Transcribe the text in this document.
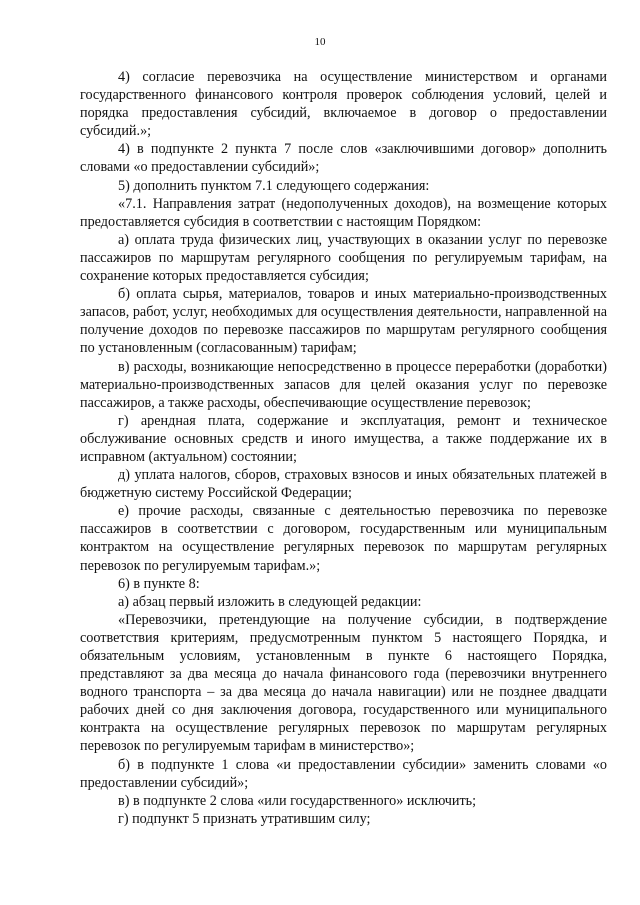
10

4) согласие перевозчика на осуществление министерством и органами государственного финансового контроля проверок соблюдения условий, целей и порядка предоставления субсидий, включаемое в договор о предоставлении субсидий.»;

4) в подпункте 2 пункта 7 после слов «заключившими договор» дополнить словами «о предоставлении субсидий»;

5) дополнить пунктом 7.1 следующего содержания:

«7.1. Направления затрат (недополученных доходов), на возмещение которых предоставляется субсидия в соответствии с настоящим Порядком:

а) оплата труда физических лиц, участвующих в оказании услуг по перевозке пассажиров по маршрутам регулярного сообщения по регулируемым тарифам, на сохранение которых предоставляется субсидия;

б) оплата сырья, материалов, товаров и иных материально-производственных запасов, работ, услуг, необходимых для осуществления деятельности, направленной на получение доходов по перевозке пассажиров по маршрутам регулярного сообщения по установленным (согласованным) тарифам;

в) расходы, возникающие непосредственно в процессе переработки (доработки) материально-производственных запасов для целей оказания услуг по перевозке пассажиров, а также расходы, обеспечивающие осуществление перевозок;

г) арендная плата, содержание и эксплуатация, ремонт и техническое обслуживание основных средств и иного имущества, а также поддержание их в исправном (актуальном) состоянии;

д) уплата налогов, сборов, страховых взносов и иных обязательных платежей в бюджетную систему Российской Федерации;

е) прочие расходы, связанные с деятельностью перевозчика по перевозке пассажиров в соответствии с договором, государственным или муниципальным контрактом на осуществление регулярных перевозок по маршрутам регулярных перевозок по регулируемым тарифам.»;

6) в пункте 8:

а) абзац первый изложить в следующей редакции:

«Перевозчики, претендующие на получение субсидии, в подтверждение соответствия критериям, предусмотренным пунктом 5 настоящего Порядка, и обязательным условиям, установленным в пункте 6 настоящего Порядка, представляют за два месяца до начала финансового года (перевозчики внутреннего водного транспорта – за два месяца до начала навигации) или не позднее двадцати рабочих дней со дня заключения договора, государственного или муниципального контракта на осуществление регулярных перевозок по маршрутам регулярных перевозок по регулируемым тарифам в министерство»;

б) в подпункте 1 слова «и предоставлении субсидии» заменить словами «о предоставлении субсидий»;

в) в подпункте 2 слова «или государственного» исключить;

г) подпункт 5 признать утратившим силу;
